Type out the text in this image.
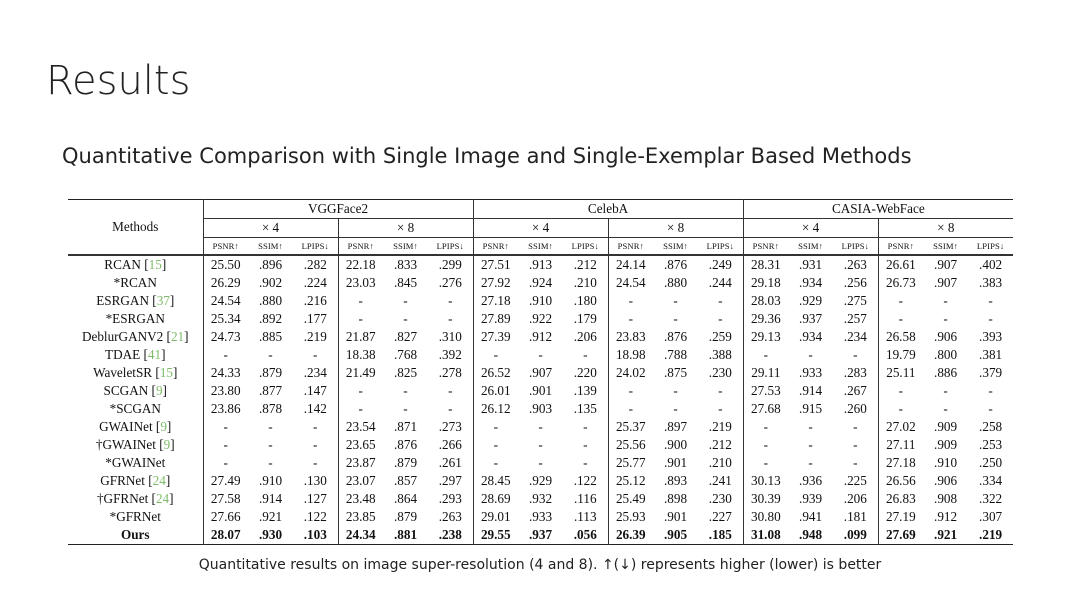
Results
Quantitative Comparison with Single Image and Single-Exemplar Based Methods
Methods	VGGFace2						CelebA						CASIA-WebFace					
	× 4			× 8			× 4			× 8			× 4			× 8		
	PSNR↑	SSIM↑	LPIPS↓	PSNR↑	SSIM↑	LPIPS↓	PSNR↑	SSIM↑	LPIPS↓	PSNR↑	SSIM↑	LPIPS↓	PSNR↑	SSIM↑	LPIPS↓	PSNR↑	SSIM↑	LPIPS↓
RCAN [15]	25.50	.896	.282	22.18	.833	.299	27.51	.913	.212	24.14	.876	.249	28.31	.931	.263	26.61	.907	.402
*RCAN	26.29	.902	.224	23.03	.845	.276	27.92	.924	.210	24.54	.880	.244	29.18	.934	.256	26.73	.907	.383
ESRGAN [37]	24.54	.880	.216	-	-	-	27.18	.910	.180	-	-	-	28.03	.929	.275	-	-	-
*ESRGAN	25.34	.892	.177	-	-	-	27.89	.922	.179	-	-	-	29.36	.937	.257	-	-	-
DeblurGANV2 [21]	24.73	.885	.219	21.87	.827	.310	27.39	.912	.206	23.83	.876	.259	29.13	.934	.234	26.58	.906	.393
TDAE [41]	-	-	-	18.38	.768	.392	-	-	-	18.98	.788	.388	-	-	-	19.79	.800	.381
WaveletSR [15]	24.33	.879	.234	21.49	.825	.278	26.52	.907	.220	24.02	.875	.230	29.11	.933	.283	25.11	.886	.379
SCGAN [9]	23.80	.877	.147	-	-	-	26.01	.901	.139	-	-	-	27.53	.914	.267	-	-	-
*SCGAN	23.86	.878	.142	-	-	-	26.12	.903	.135	-	-	-	27.68	.915	.260	-	-	-
GWAINet [9]	-	-	-	23.54	.871	.273	-	-	-	25.37	.897	.219	-	-	-	27.02	.909	.258
†GWAINet [9]	-	-	-	23.65	.876	.266	-	-	-	25.56	.900	.212	-	-	-	27.11	.909	.253
*GWAINet	-	-	-	23.87	.879	.261	-	-	-	25.77	.901	.210	-	-	-	27.18	.910	.250
GFRNet [24]	27.49	.910	.130	23.07	.857	.297	28.45	.929	.122	25.12	.893	.241	30.13	.936	.225	26.56	.906	.334
†GFRNet [24]	27.58	.914	.127	23.48	.864	.293	28.69	.932	.116	25.49	.898	.230	30.39	.939	.206	26.83	.908	.322
*GFRNet	27.66	.921	.122	23.85	.879	.263	29.01	.933	.113	25.93	.901	.227	30.80	.941	.181	27.19	.912	.307
Ours	28.07	.930	.103	24.34	.881	.238	29.55	.937	.056	26.39	.905	.185	31.08	.948	.099	27.69	.921	.219
Quantitative results on image super-resolution (4 and 8). ↑(↓) represents higher (lower) is better
